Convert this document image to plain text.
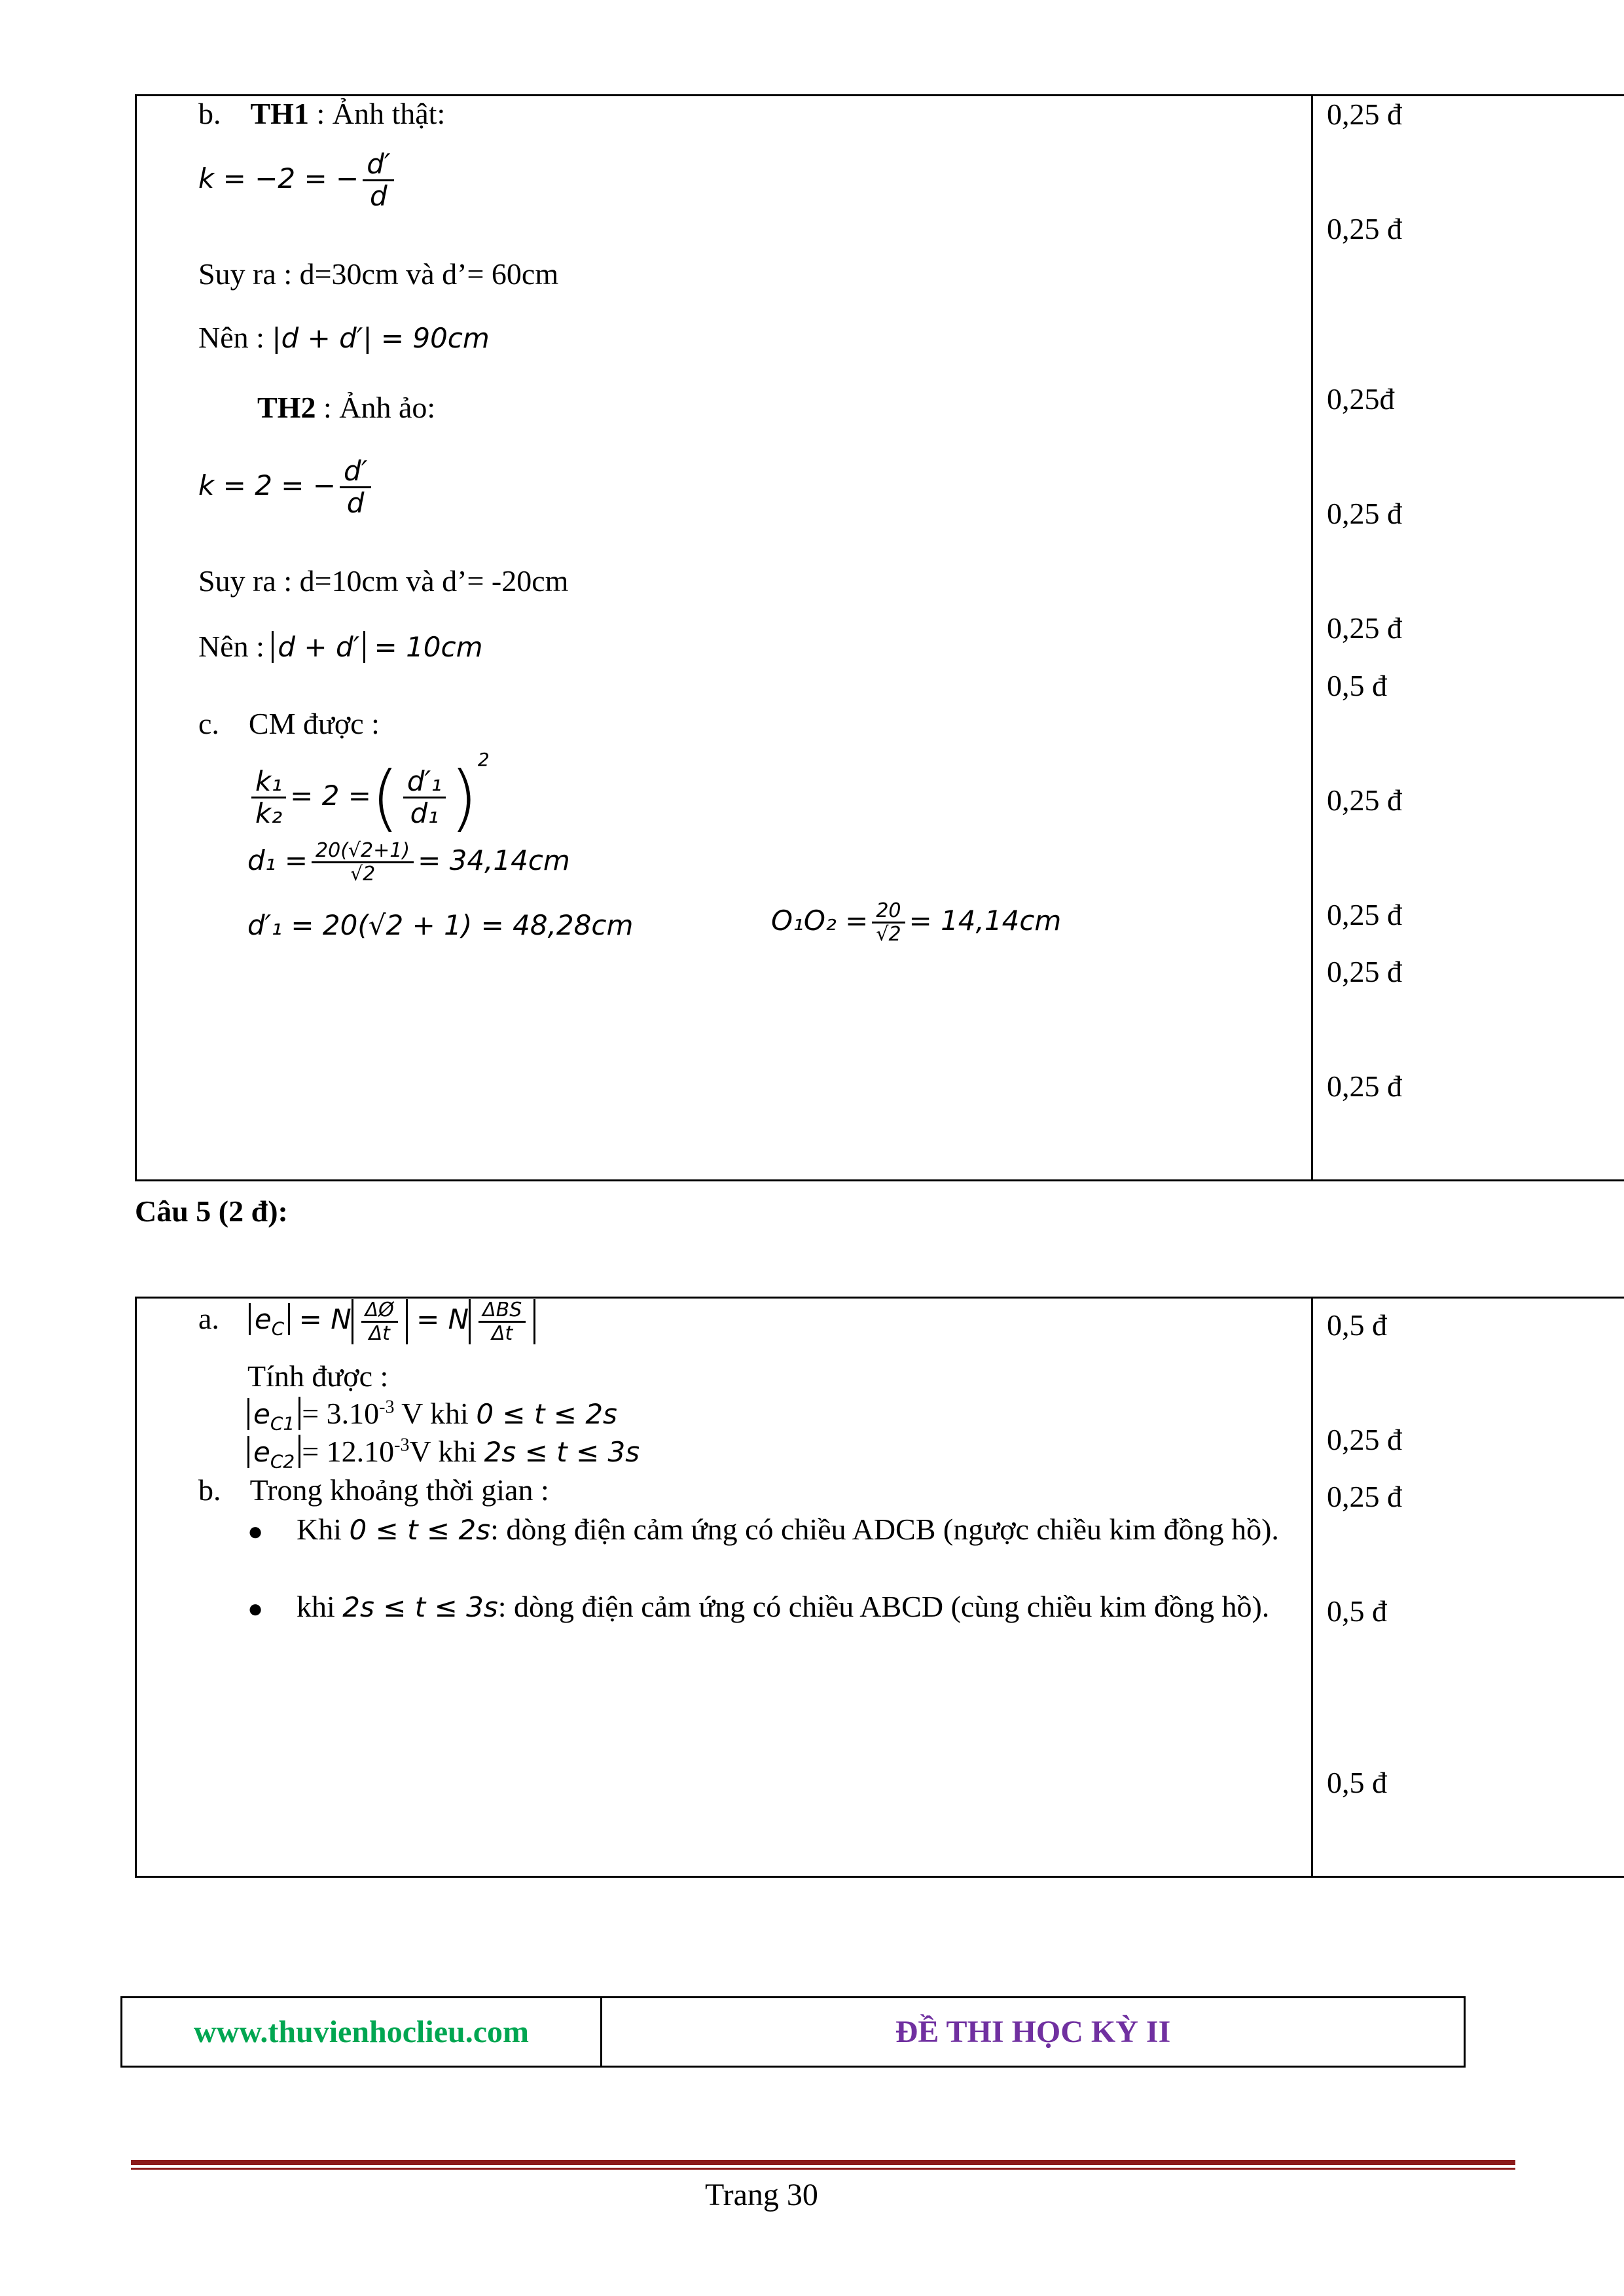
b. TH1 : Ảnh thật:
k = −2 = − $\frac{d'}{d}$
Suy ra : d=30cm và d’= 60cm
Nên : |d + d′| = 90cm
TH2 : Ảnh ảo:
k = 2 = − $\frac{d'}{d}$
Suy ra : d=10cm và d’= -20cm
Nên : d + d′ = 10cm
c. CM được :
$\frac{\text{k₁}}{\text{k₂}} = 2$ =( $\frac{\text{d′₁}}{\text{d₁}} )^2$
$d_1 = \frac{20(√2+1)}{√2} = 34,14cm$
d′₁ = 20(√2 + 1) = 48,28cm	$O_1O_2 = \frac{20}{√2} = 14,14cm$
0,25 đ
0,25 đ
0,25đ
0,25 đ
0,25 đ
0,5 đ
0,25 đ
0,25 đ
0,25 đ
0,25 đ
Câu 5 (2 đ):
a. $e_C = N \frac{\Delta Ø}{\Delta t} = N \frac{\text{ΔBS}}{\Delta t}$
Tính được :
$e_{C1} = 3.10^{-3}$ V khi 0 ≤ t ≤ 2s
$e_{C2} = 12.10^{-3}V$ khi 2s ≤ t ≤ 3s
b. Trong khoảng thời gian :
● Khi 0 ≤ t ≤ 2s: dòng điện cảm ứng có chiều ADCB (ngược chiều kim đồng hồ).
● khi 2s ≤ t ≤ 3s: dòng điện cảm ứng có chiều ABCD (cùng chiều kim đồng hồ).
0,5 đ
0,25 đ
0,25 đ
0,5 đ
0,5 đ
www.thuvienhoclieu.com	ĐỀ THI HỌC KỲ II
Trang 30
